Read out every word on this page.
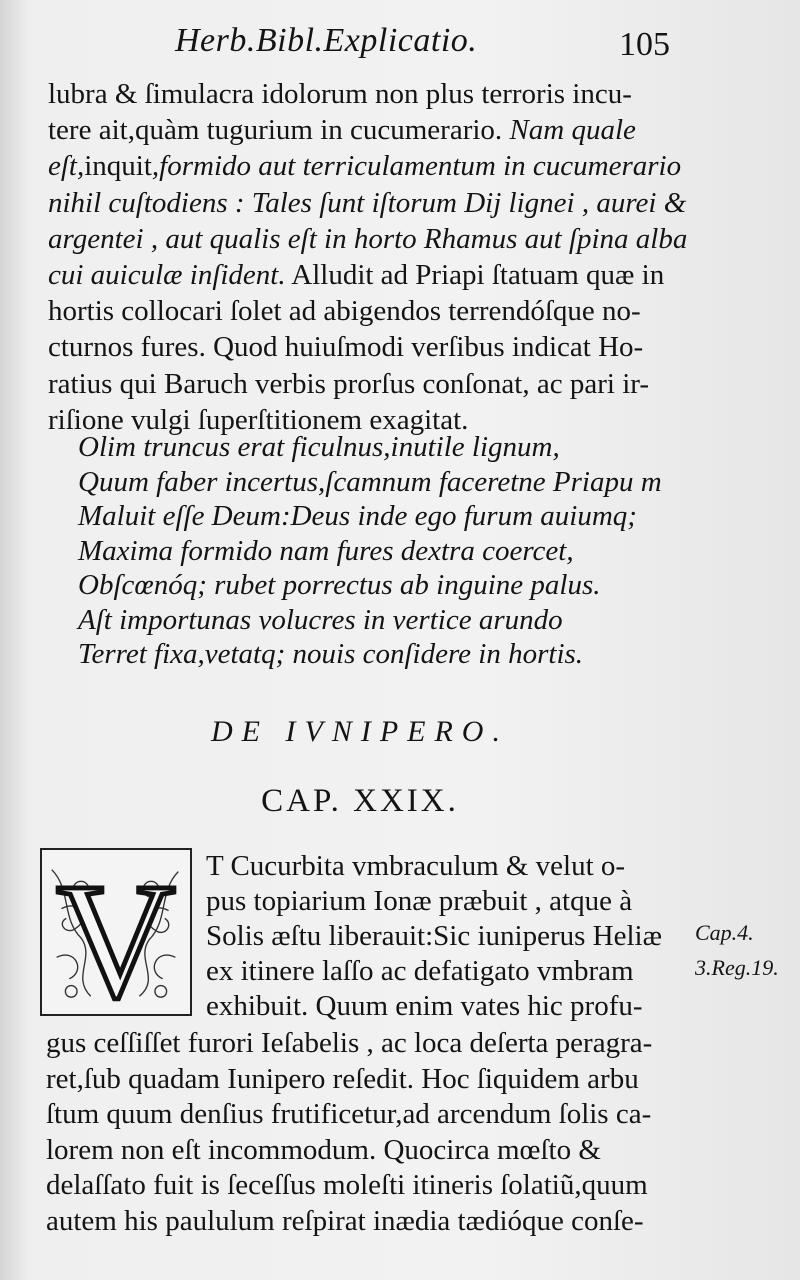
Herb.Bibl.Explicatio.	105
lubra & ſimulacra idolorum non plus terroris incu-
tere ait,quàm tugurium in cucumerario. Nam quale
eſt,inquit,formido aut terriculamentum in cucumerario
nihil cuſtodiens : Tales ſunt iſtorum Dij lignei , aurei &
argentei , aut qualis eſt in horto Rhamus aut ſpina alba
cui auiculæ inſident. Alludit ad Priapi ſtatuam quæ in
hortis collocari ſolet ad abigendos terrendóſque no-
cturnos fures. Quod huiuſmodi verſibus indicat Ho-
ratius qui Baruch verbis prorſus conſonat, ac pari ir-
riſione vulgi ſuperſtitionem exagitat.
Olim truncus erat ficulnus,inutile lignum,
Quum faber incertus,ſcamnum faceretne Priapu m
Maluit eſſe Deum:Deus inde ego furum auiumq;
Maxima formido nam fures dextra coercet,
Obſcœnóq; rubet porrectus ab inguine palus.
Aſt importunas volucres in vertice arundo
Terret fixa,vetatq; nouis conſidere in hortis.
DE IVNIPERO.
CAP. XXIX.
V T Cucurbita vmbraculum & velut o-
pus topiarium Ionæ præbuit , atque à
Solis æſtu liberauit:Sic iuniperus Heliæ
ex itinere laſſo ac defatigato vmbram
exhibuit. Quum enim vates hic profu-
gus ceſſiſſet furori Ieſabelis , ac loca deſerta peragra-
ret,ſub quadam Iunipero reſedit. Hoc ſiquidem arbu
ſtum quum denſius frutificetur,ad arcendum ſolis ca-
lorem non eſt incommodum. Quocirca mœſto &
delaſſato fuit is ſeceſſus moleſti itineris ſolatiũ,quum
autem his paululum reſpirat inædia tædióque conſe-
Cap.4.
3.Reg.19.
